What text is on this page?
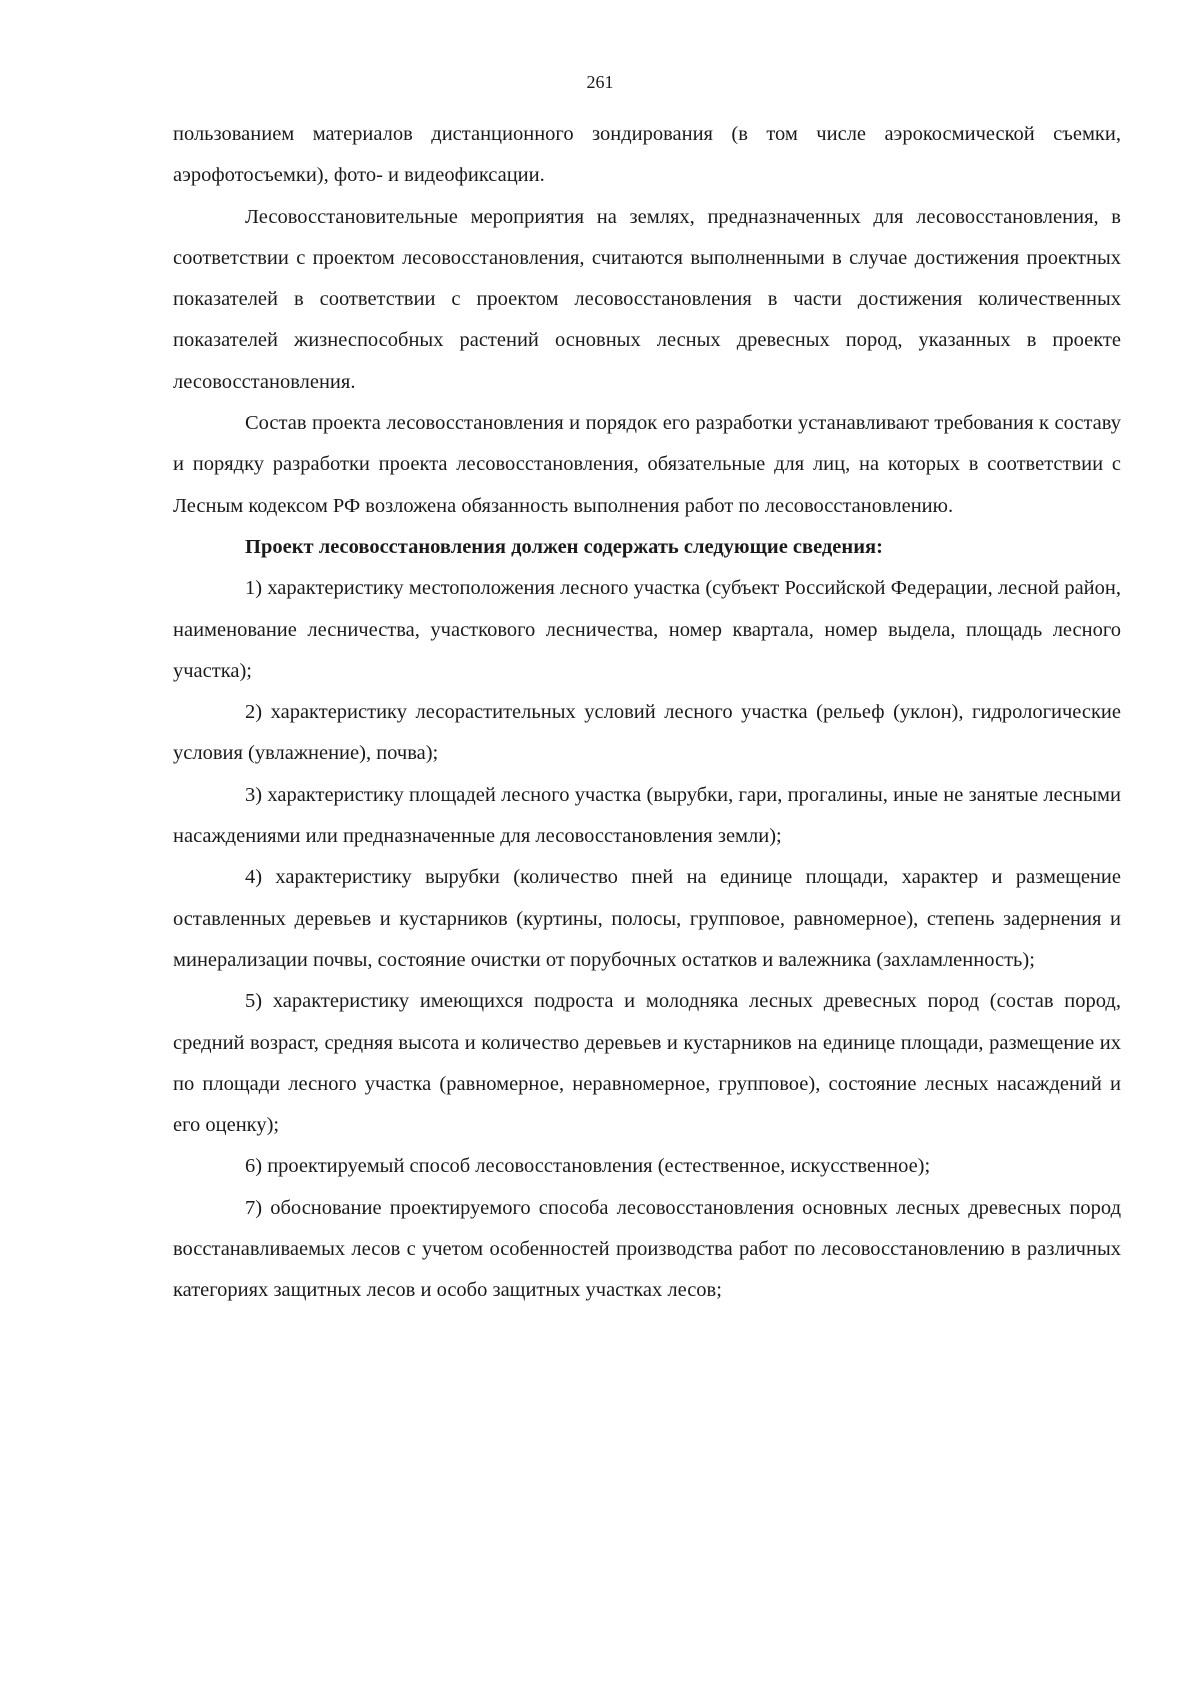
261

пользованием материалов дистанционного зондирования (в том числе аэрокосмической съемки, аэрофотосъемки), фото- и видеофиксации.

Лесовосстановительные мероприятия на землях, предназначенных для лесовосстановления, в соответствии с проектом лесовосстановления, считаются выполненными в случае достижения проектных показателей в соответствии с проектом лесовосстановления в части достижения количественных показателей жизнеспособных растений основных лесных древесных пород, указанных в проекте лесовосстановления.

Состав проекта лесовосстановления и порядок его разработки устанавливают требования к составу и порядку разработки проекта лесовосстановления, обязательные для лиц, на которых в соответствии с Лесным кодексом РФ возложена обязанность выполнения работ по лесовосстановлению.

Проект лесовосстановления должен содержать следующие сведения:

1) характеристику местоположения лесного участка (субъект Российской Федерации, лесной район, наименование лесничества, участкового лесничества, номер квартала, номер выдела, площадь лесного участка);

2) характеристику лесорастительных условий лесного участка (рельеф (уклон), гидрологические условия (увлажнение), почва);

3) характеристику площадей лесного участка (вырубки, гари, прогалины, иные не занятые лесными насаждениями или предназначенные для лесовосстановления земли);

4) характеристику вырубки (количество пней на единице площади, характер и размещение оставленных деревьев и кустарников (куртины, полосы, групповое, равномерное), степень задернения и минерализации почвы, состояние очистки от порубочных остатков и валежника (захламленность);

5) характеристику имеющихся подроста и молодняка лесных древесных пород (состав пород, средний возраст, средняя высота и количество деревьев и кустарников на единице площади, размещение их по площади лесного участка (равномерное, неравномерное, групповое), состояние лесных насаждений и его оценку);

6) проектируемый способ лесовосстановления (естественное, искусственное);

7) обоснование проектируемого способа лесовосстановления основных лесных древесных пород восстанавливаемых лесов с учетом особенностей производства работ по лесовосстановлению в различных категориях защитных лесов и особо защитных участках лесов;
